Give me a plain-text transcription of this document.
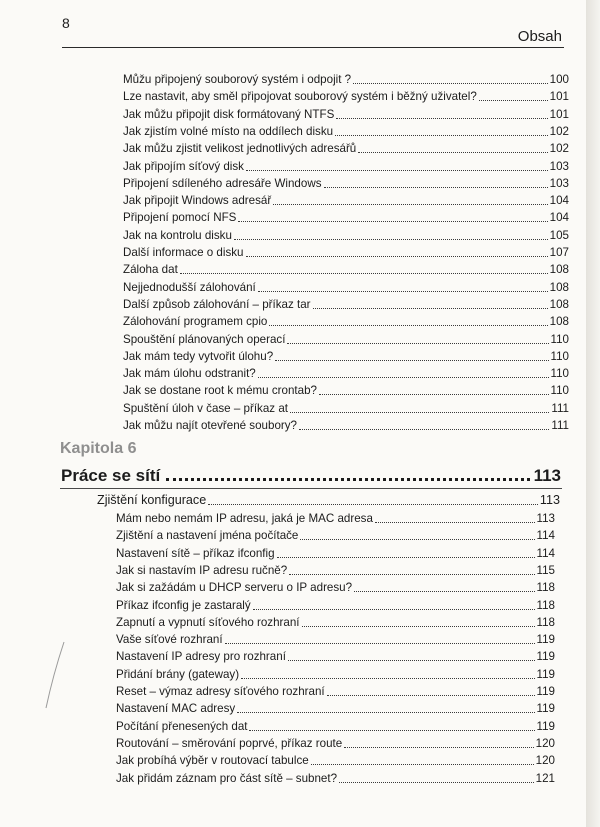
8
Obsah
Můžu připojený souborový systém i odpojit ?	100
Lze nastavit, aby směl připojovat souborový systém i běžný uživatel?	101
Jak můžu připojit disk formátovaný NTFS	101
Jak zjistím volné místo na oddílech disku	102
Jak můžu zjistit velikost jednotlivých adresářů	102
Jak připojím síťový disk	103
Připojení sdíleného adresáře Windows	103
Jak připojit Windows adresář	104
Připojení pomocí NFS	104
Jak na kontrolu disku	105
Další informace o disku	107
Záloha dat	108
Nejjednodušší zálohování	108
Další způsob zálohování – příkaz tar	108
Zálohování programem cpio	108
Spouštění plánovaných operací	110
Jak mám tedy vytvořit úlohu?	110
Jak mám úlohu odstranit?	110
Jak se dostane root k mému crontab?	110
Spuštění úloh v čase – příkaz at	111
Jak můžu najít otevřené soubory?	111
Kapitola 6
Práce se sítí	113
Zjištění konfigurace	113
Mám nebo nemám IP adresu, jaká je MAC adresa	113
Zjištění a nastavení jména počítače	114
Nastavení sítě – příkaz ifconfig	114
Jak si nastavím IP adresu ručně?	115
Jak si zažádám u DHCP serveru o IP adresu?	118
Příkaz ifconfig je zastaralý	118
Zapnutí a vypnutí síťového rozhraní	118
Vaše síťové rozhraní	119
Nastavení IP adresy pro rozhraní	119
Přidání brány (gateway)	119
Reset – výmaz adresy síťového rozhraní	119
Nastavení MAC adresy	119
Počítání přenesených dat	119
Routování – směrování poprvé, příkaz route	120
Jak probíhá výběr v routovací tabulce	120
Jak přidám záznam pro část sítě – subnet?	121
